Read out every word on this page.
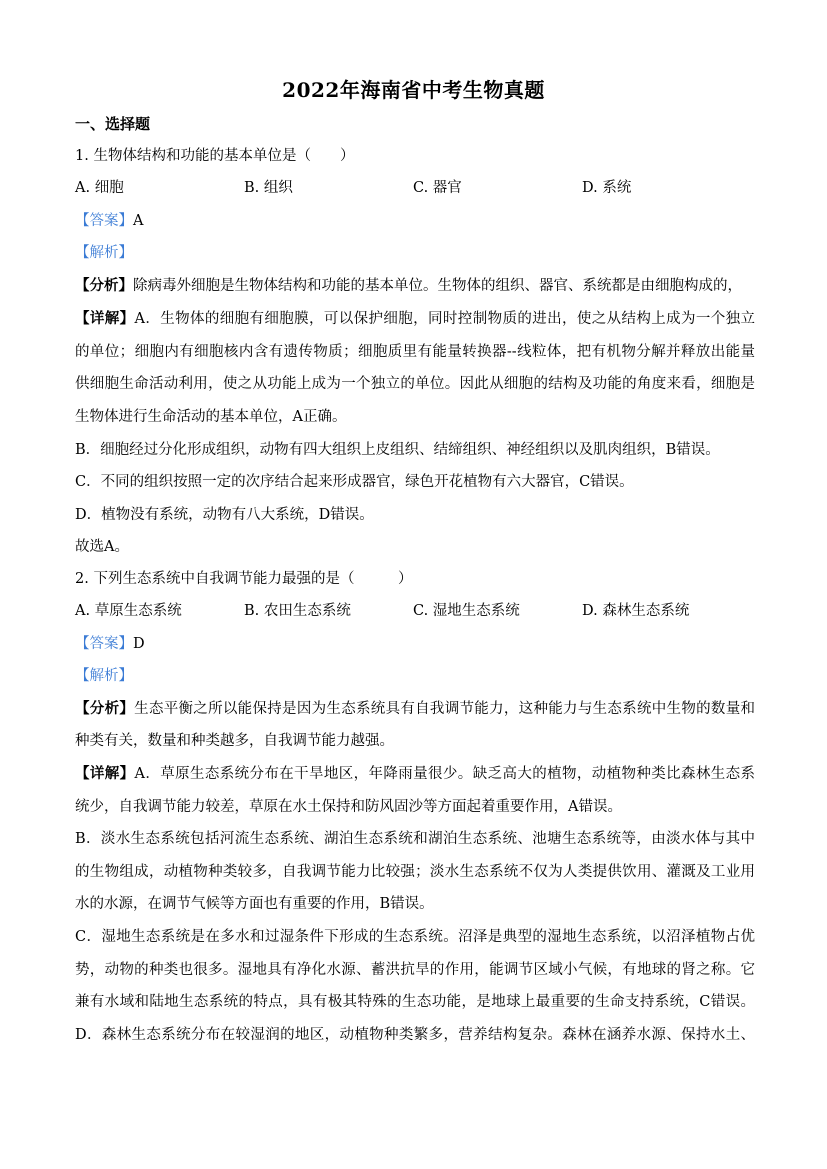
2022年海南省中考生物真题
一、选择题
1. 生物体结构和功能的基本单位是（　　）
A. 细胞	B. 组织	C. 器官	D. 系统
【答案】A
【解析】
【分析】除病毒外细胞是生物体结构和功能的基本单位。生物体的组织、器官、系统都是由细胞构成的，
【详解】A．生物体的细胞有细胞膜，可以保护细胞，同时控制物质的进出，使之从结构上成为一个独立
的单位；细胞内有细胞核内含有遗传物质；细胞质里有能量转换器--线粒体，把有机物分解并释放出能量
供细胞生命活动利用，使之从功能上成为一个独立的单位。因此从细胞的结构及功能的角度来看，细胞是
生物体进行生命活动的基本单位，A正确。
B．细胞经过分化形成组织，动物有四大组织上皮组织、结缔组织、神经组织以及肌肉组织，B错误。
C．不同的组织按照一定的次序结合起来形成器官，绿色开花植物有六大器官，C错误。
D．植物没有系统，动物有八大系统，D错误。
故选A。
2. 下列生态系统中自我调节能力最强的是（　　　）
A. 草原生态系统	B. 农田生态系统	C. 湿地生态系统	D. 森林生态系统
【答案】D
【解析】
【分析】生态平衡之所以能保持是因为生态系统具有自我调节能力，这种能力与生态系统中生物的数量和
种类有关，数量和种类越多，自我调节能力越强。
【详解】A．草原生态系统分布在干旱地区，年降雨量很少。缺乏高大的植物，动植物种类比森林生态系
统少，自我调节能力较差，草原在水土保持和防风固沙等方面起着重要作用，A错误。
B．淡水生态系统包括河流生态系统、湖泊生态系统和湖泊生态系统、池塘生态系统等，由淡水体与其中
的生物组成，动植物种类较多，自我调节能力比较强；淡水生态系统不仅为人类提供饮用、灌溉及工业用
水的水源，在调节气候等方面也有重要的作用，B错误。
C．湿地生态系统是在多水和过湿条件下形成的生态系统。沼泽是典型的湿地生态系统，以沼泽植物占优
势，动物的种类也很多。湿地具有净化水源、蓄洪抗旱的作用，能调节区域小气候，有地球的肾之称。它
兼有水域和陆地生态系统的特点，具有极其特殊的生态功能，是地球上最重要的生命支持系统，C错误。
D．森林生态系统分布在较湿润的地区，动植物种类繁多，营养结构复杂。森林在涵养水源、保持水土、
